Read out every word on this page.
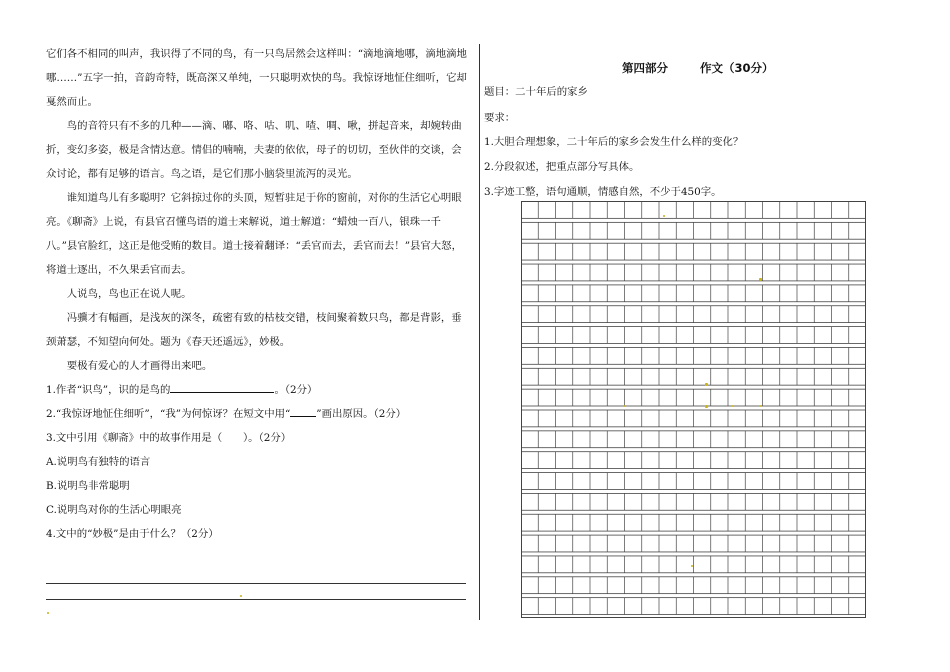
它们各不相同的叫声，我识得了不同的鸟，有一只鸟居然会这样叫：“滴地滴地哪，滴地滴地哪……”五字一拍，音韵奇特，既高深又单纯，一只聪明欢快的鸟。我惊讶地怔住细听，它却戛然而止。

鸟的音符只有不多的几种——滴、嘟、咯、咕、叽、喳、啁、啾，拼起音来，却婉转曲折，变幻多姿，极是含情达意。情侣的喃喃，夫妻的依依，母子的切切，至伙伴的交谈，会众讨论，都有足够的语言。鸟之语，是它们那小脑袋里流泻的灵光。

谁知道鸟儿有多聪明？它斜掠过你的头顶，短暂驻足于你的窗前，对你的生活它心明眼亮。《聊斋》上说，有县官召懂鸟语的道士来解说，道士解道：“蜡烛一百八，银珠一千八。”县官脸红，这正是他受贿的数目。道士接着翻译：“丢官而去，丢官而去！”县官大怒，将道士逐出，不久果丢官而去。

人说鸟，鸟也正在说人呢。

冯骥才有幅画，是浅灰的深冬，疏密有致的枯枝交错，枝间聚着数只鸟，都是背影，垂颈萧瑟，不知望向何处。题为《春天还遥远》，妙极。

要极有爱心的人才画得出来吧。

1.作者“识鸟”，识的是鸟的	。（2分）

2.“我惊讶地怔住细听”，“我”为何惊讶？在短文中用“	”画出原因。（2分）

3.文中引用《聊斋》中的故事作用是（　　）。（2分）

A.说明鸟有独特的语言

B.说明鸟非常聪明

C.说明鸟对你的生活心明眼亮

4.文中的“妙极”是由于什么？（2分）

第四部分        作文（30分）
题目：二十年后的家乡
要求：
1.大胆合理想象，二十年后的家乡会发生什么样的变化？
2.分段叙述，把重点部分写具体。
3.字迹工整，语句通顺，情感自然，不少于450字。
